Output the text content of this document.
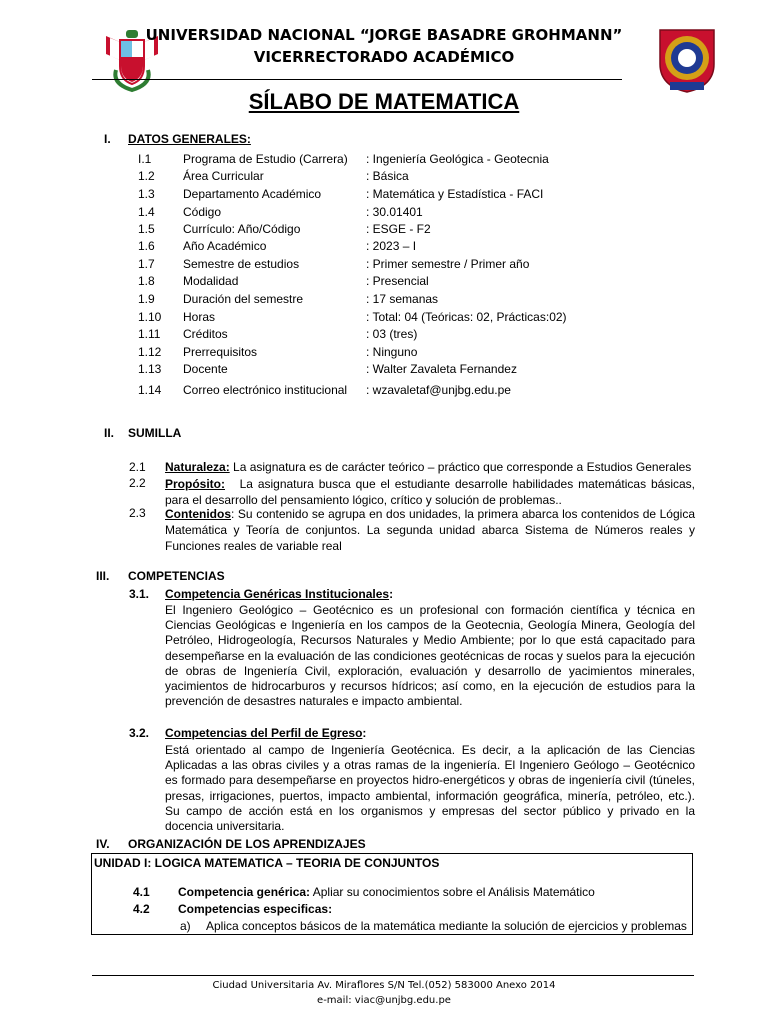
UNIVERSIDAD NACIONAL “JORGE BASADRE GROHMANN”
VICERRECTORADO ACADÉMICO
SÍLABO DE MATEMATICA
I. DATOS GENERALES:
I.1	Programa de Estudio (Carrera) : Ingeniería Geológica - Geotecnia
1.2 Área Curricular	: Básica
1.3 Departamento Académico	: Matemática y Estadística - FACI
1.4 Código	: 30.01401
1.5 Currículo: Año/Código	: ESGE - F2
1.6 Año Académico	: 2023 – I
1.7 Semestre de estudios	: Primer semestre / Primer año
1.8 Modalidad	: Presencial
1.9 Duración del semestre	: 17 semanas
1.10 Horas	: Total: 04 (Teóricas: 02, Prácticas:02)
1.11 Créditos	: 03 (tres)
1.12 Prerrequisitos	: Ninguno
1.13 Docente	: Walter Zavaleta Fernandez
1.14 Correo electrónico institucional : wzavaletaf@unjbg.edu.pe
II. SUMILLA
2.1 Naturaleza: La asignatura es de carácter teórico – práctico que corresponde a Estudios Generales
2.2 Propósito:   La asignatura busca que el estudiante desarrolle habilidades matemáticas básicas, para el desarrollo del pensamiento lógico, crítico y solución de problemas..
2.3 Contenidos: Su contenido se agrupa en dos unidades, la primera abarca los contenidos de Lógica Matemática y Teoría de conjuntos. La segunda unidad abarca Sistema de Números reales y Funciones reales de variable real
III. COMPETENCIAS
3.1. Competencia Genéricas Institucionales:
El Ingeniero Geológico – Geotécnico es un profesional con formación científica y técnica en Ciencias Geológicas e Ingeniería en los campos de la Geotecnia, Geología Minera, Geología del Petróleo, Hidrogeología, Recursos Naturales y Medio Ambiente; por lo que está capacitado para desempeñarse en la evaluación de las condiciones geotécnicas de rocas y suelos para la ejecución de obras de Ingeniería Civil, exploración, evaluación y desarrollo de yacimientos minerales, yacimientos de hidrocarburos y recursos hídricos; así como, en la ejecución de estudios para la prevención de desastres naturales e impacto ambiental.
3.2. Competencias del Perfil de Egreso:
Está orientado al campo de Ingeniería Geotécnica. Es decir, a la aplicación de las Ciencias Aplicadas a las obras civiles y a otras ramas de la ingeniería. El Ingeniero Geólogo – Geotécnico es formado para desempeñarse en proyectos hidro-energéticos y obras de ingeniería civil (túneles, presas, irrigaciones, puertos, impacto ambiental, información geográfica, minería, petróleo, etc.). Su campo de acción está en los organismos y empresas del sector público y privado en la docencia universitaria.
IV. ORGANIZACIÓN DE LOS APRENDIZAJES
UNIDAD I: LOGICA MATEMATICA – TEORIA DE CONJUNTOS
4.1 Competencia genérica: Apliar su conocimientos sobre el Análisis Matemático
4.2 Competencias especificas:
a) Aplica conceptos básicos de la matemática mediante la solución de ejercicios y problemas
Ciudad Universitaria Av. Miraflores S/N Tel.(052) 583000 Anexo 2014
e-mail: viac@unjbg.edu.pe
